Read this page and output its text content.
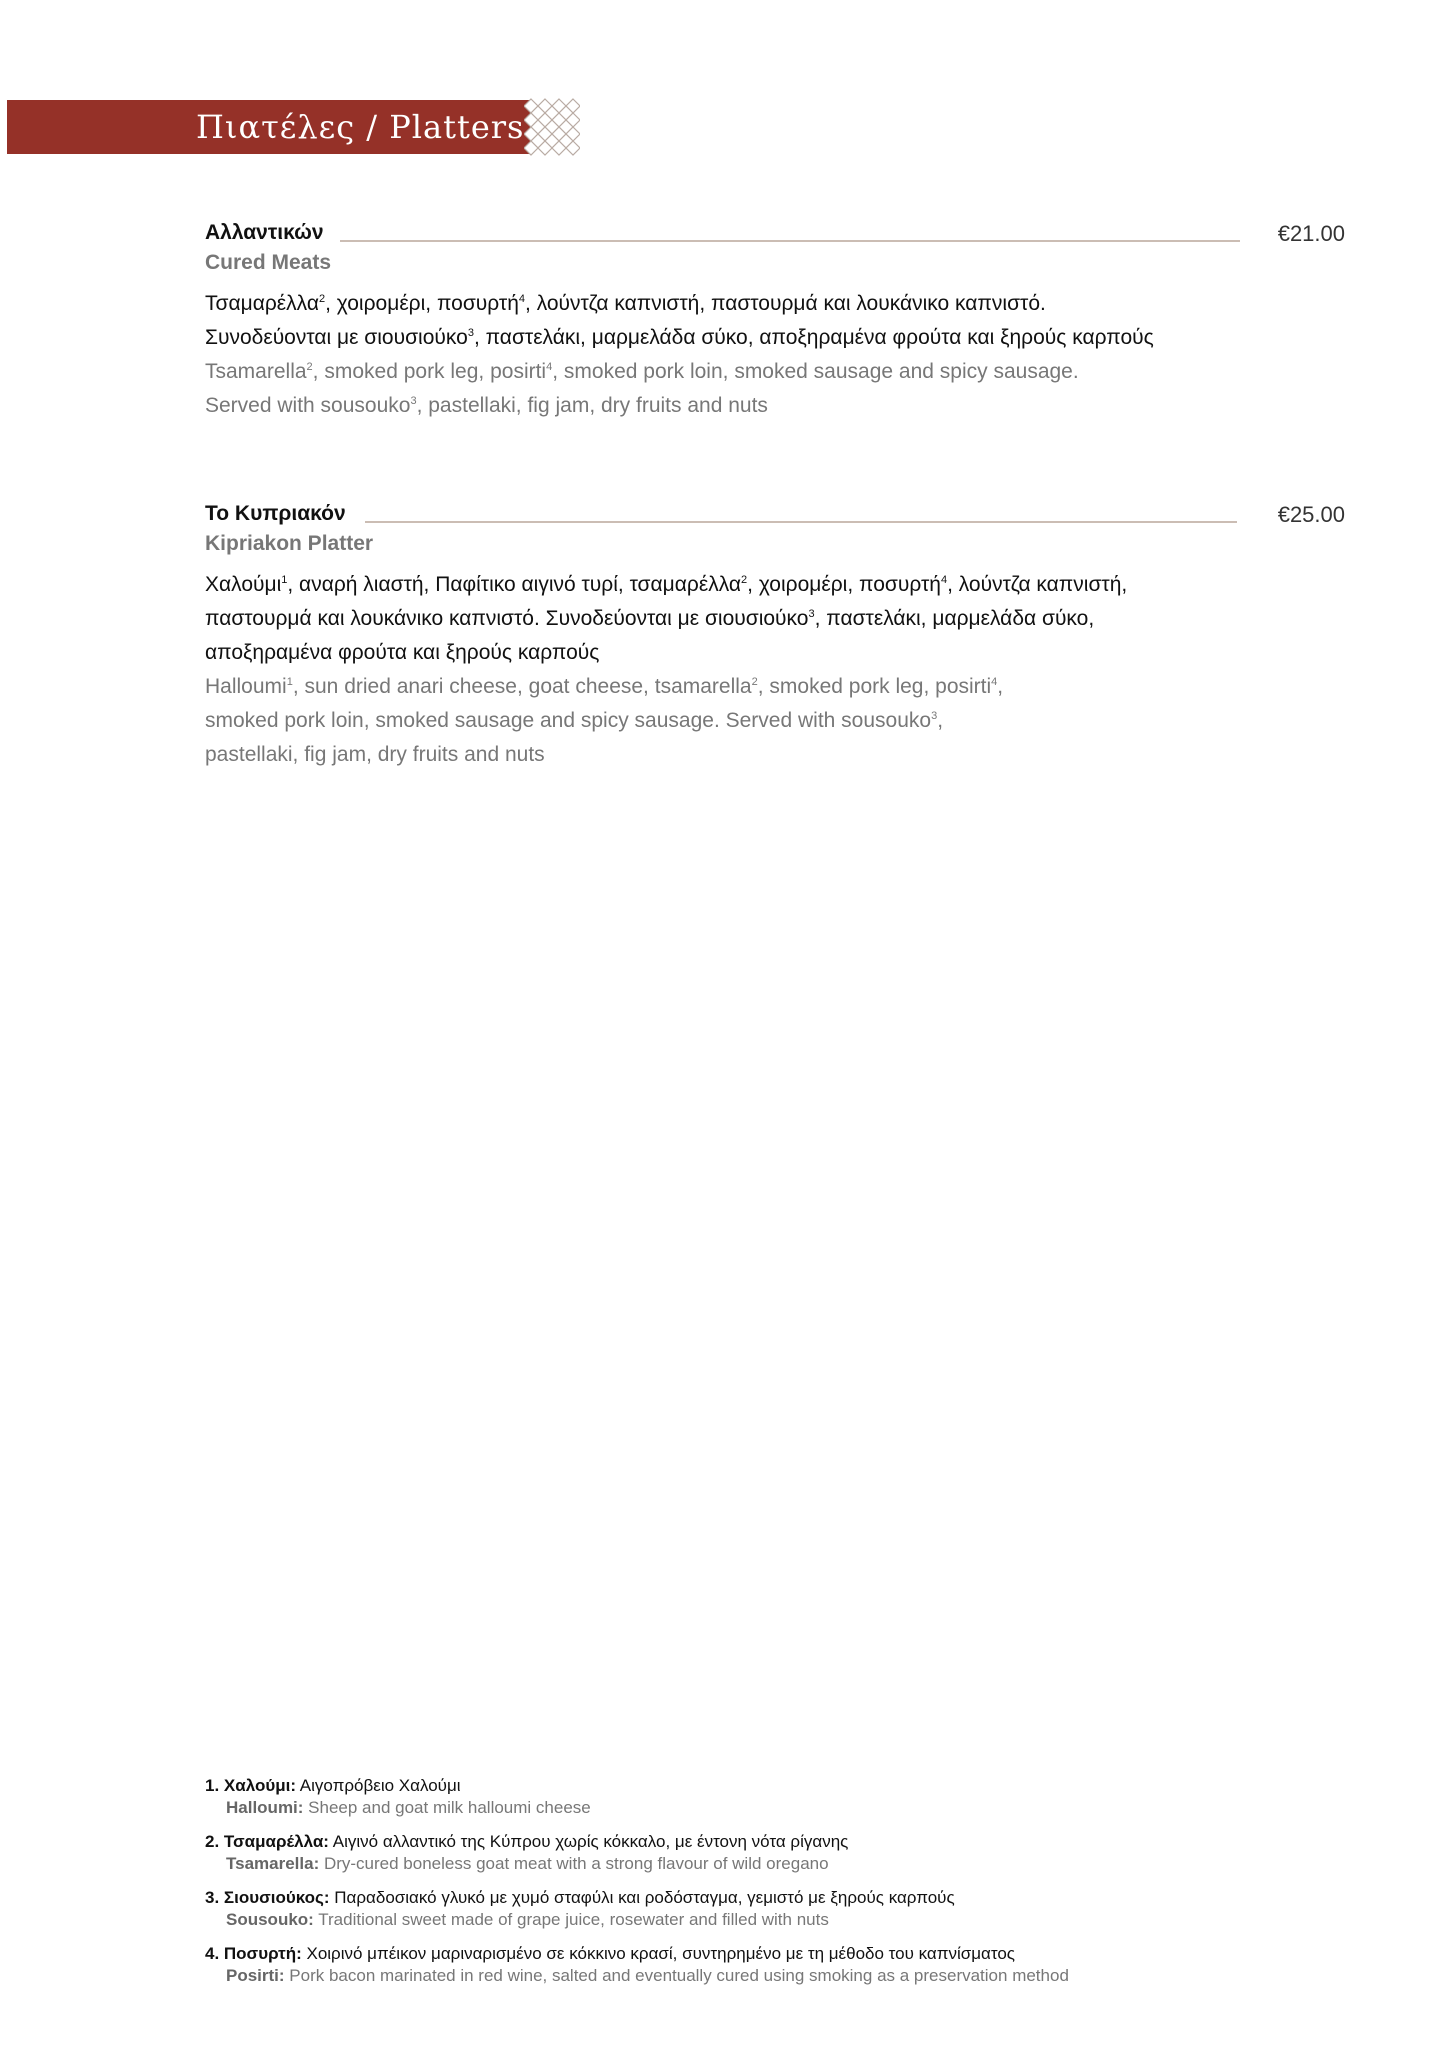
Πιατέλες / Platters
Αλλαντικών	€21.00
Cured Meats
Τσαμαρέλλα$^2$, χοιρομέρι, ποσυρτή$^4$, λούντζα καπνιστή, παστουρμά και λουκάνικο καπνιστό.
Συνοδεύονται με σιουσιούκο$^3$, παστελάκι, μαρμελάδα σύκο, αποξηραμένα φρούτα και ξηρούς καρπούς
Tsamarella$^2$, smoked pork leg, posirti$^4$, smoked pork loin, smoked sausage and spicy sausage.
Served with sousouko$^3$, pastellaki, fig jam, dry fruits and nuts
Το Κυπριακόν	€25.00
Kipriakon Platter
Χαλούμι$^1$, αναρή λιαστή, Παφίτικο αιγινό τυρί, τσαμαρέλλα$^2$, χοιρομέρι, ποσυρτή$^4$, λούντζα καπνιστή,
παστουρμά και λουκάνικο καπνιστό. Συνοδεύονται με σιουσιούκο$^3$, παστελάκι, μαρμελάδα σύκο,
αποξηραμένα φρούτα και ξηρούς καρπούς
Halloumi$^1$, sun dried anari cheese, goat cheese, tsamarella$^2$, smoked pork leg, posirti$^4$,
smoked pork loin, smoked sausage and spicy sausage. Served with sousouko$^3$,
pastellaki, fig jam, dry fruits and nuts
1. Χαλούμι: Αιγοπρόβειο Χαλούμι
Halloumi: Sheep and goat milk halloumi cheese
2. Τσαμαρέλλα: Αιγινό αλλαντικό της Κύπρου χωρίς κόκκαλο, με έντονη νότα ρίγανης
Tsamarella: Dry-cured boneless goat meat with a strong flavour of wild oregano
3. Σιουσιούκος: Παραδοσιακό γλυκό με χυμό σταφύλι και ροδόσταγμα, γεμιστό με ξηρούς καρπούς
Sousouko: Traditional sweet made of grape juice, rosewater and filled with nuts
4. Ποσυρτή: Χοιρινό μπέικον μαριναρισμένο σε κόκκινο κρασί, συντηρημένο με τη μέθοδο του καπνίσματος
Posirti: Pork bacon marinated in red wine, salted and eventually cured using smoking as a preservation method
